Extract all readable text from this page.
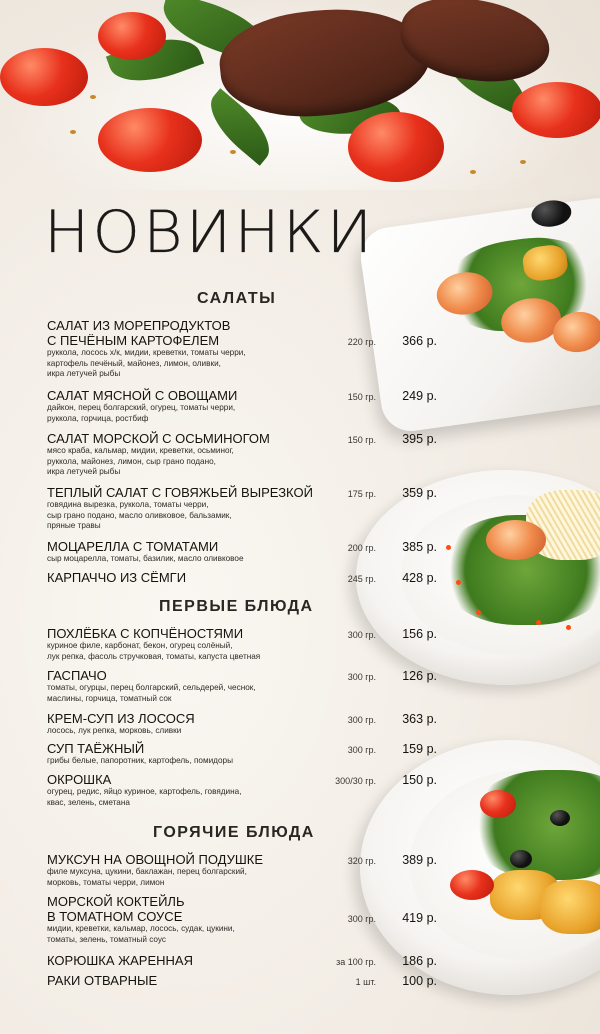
НОВИНКИ
САЛАТЫ
САЛАТ ИЗ МОРЕПРОДУКТОВ
С ПЕЧЁНЫМ КАРТОФЕЛЕМ
руккола, лосось х/к, мидии, креветки, томаты черри,
картофель печёный, майонез, лимон, оливки,
икра летучей рыбы
220 гр. 366 р.
САЛАТ МЯСНОЙ С ОВОЩАМИ
дайкон, перец болгарский, огурец, томаты черри,
руккола, горчица, ростбиф
150 гр. 249 р.
САЛАТ МОРСКОЙ С ОСЬМИНОГОМ
мясо краба, кальмар, мидии, креветки, осьминог,
руккола, майонез, лимон, сыр грано подано,
икра летучей рыбы
150 гр. 395 р.
ТЕПЛЫЙ САЛАТ С ГОВЯЖЬЕЙ ВЫРЕЗКОЙ
говядина вырезка, руккола, томаты черри,
сыр грано подано, масло оливковое, бальзамик,
пряные травы
175 гр. 359 р.
МОЦАРЕЛЛА С ТОМАТАМИ
сыр моцарелла, томаты, базилик, масло оливковое
200 гр. 385 р.
КАРПАЧЧО ИЗ СЁМГИ	245 гр. 428 р.
ПЕРВЫЕ БЛЮДА
ПОХЛЁБКА С КОПЧЁНОСТЯМИ
куриное филе, карбонат, бекон, огурец солёный,
лук репка, фасоль стручковая, томаты, капуста цветная
300 гр. 156 р.
ГАСПАЧО
томаты, огурцы, перец болгарский, сельдерей, чеснок,
маслины, горчица, томатный сок
300 гр. 126 р.
КРЕМ-СУП ИЗ ЛОСОСЯ
лосось, лук репка, морковь, сливки
300 гр. 363 р.
СУП ТАЁЖНЫЙ
грибы белые, папоротник, картофель, помидоры
300 гр. 159 р.
ОКРОШКА
огурец, редис, яйцо куриное, картофель, говядина,
квас, зелень, сметана
300/30 гр. 150 р.
ГОРЯЧИЕ БЛЮДА
МУКСУН НА ОВОЩНОЙ ПОДУШКЕ
филе муксуна, цукини, баклажан, перец болгарский,
морковь, томаты черри, лимон
320 гр. 389 р.
МОРСКОЙ КОКТЕЙЛЬ
В ТОМАТНОМ СОУСЕ
мидии, креветки, кальмар, лосось, судак, цукини,
томаты, зелень, томатный соус
300 гр. 419 р.
КОРЮШКА ЖАРЕННАЯ	за 100 гр. 186 р.
РАКИ ОТВАРНЫЕ	1 шт. 100 р.
